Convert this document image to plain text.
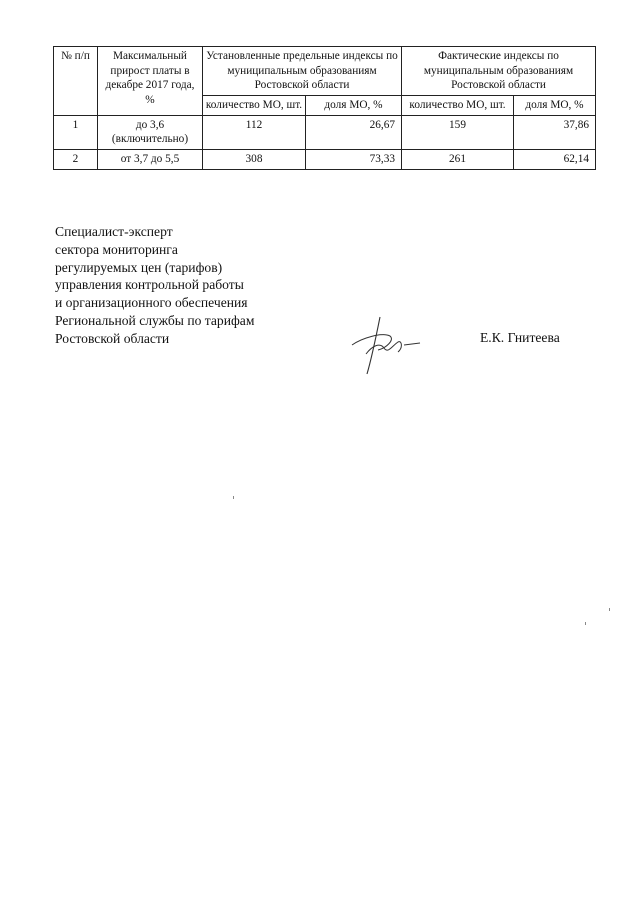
№ п/п	Максимальный прирост платы в декабре 2017 года, %	Установленные предельные индексы по муниципальным образованиям Ростовской области		Фактические индексы по муниципальным образованиям Ростовской области	
		количество МО, шт.	доля МО, %	количество МО, шт.	доля МО, %
1	до 3,6 (включительно)	112	26,67	159	37,86
2	от 3,7 до 5,5	308	73,33	261	62,14
Специалист-эксперт
сектора мониторинга
регулируемых цен (тарифов)
управления контрольной работы
и организационного обеспечения
Региональной службы по тарифам
Ростовской области	Е.К. Гнитеева
